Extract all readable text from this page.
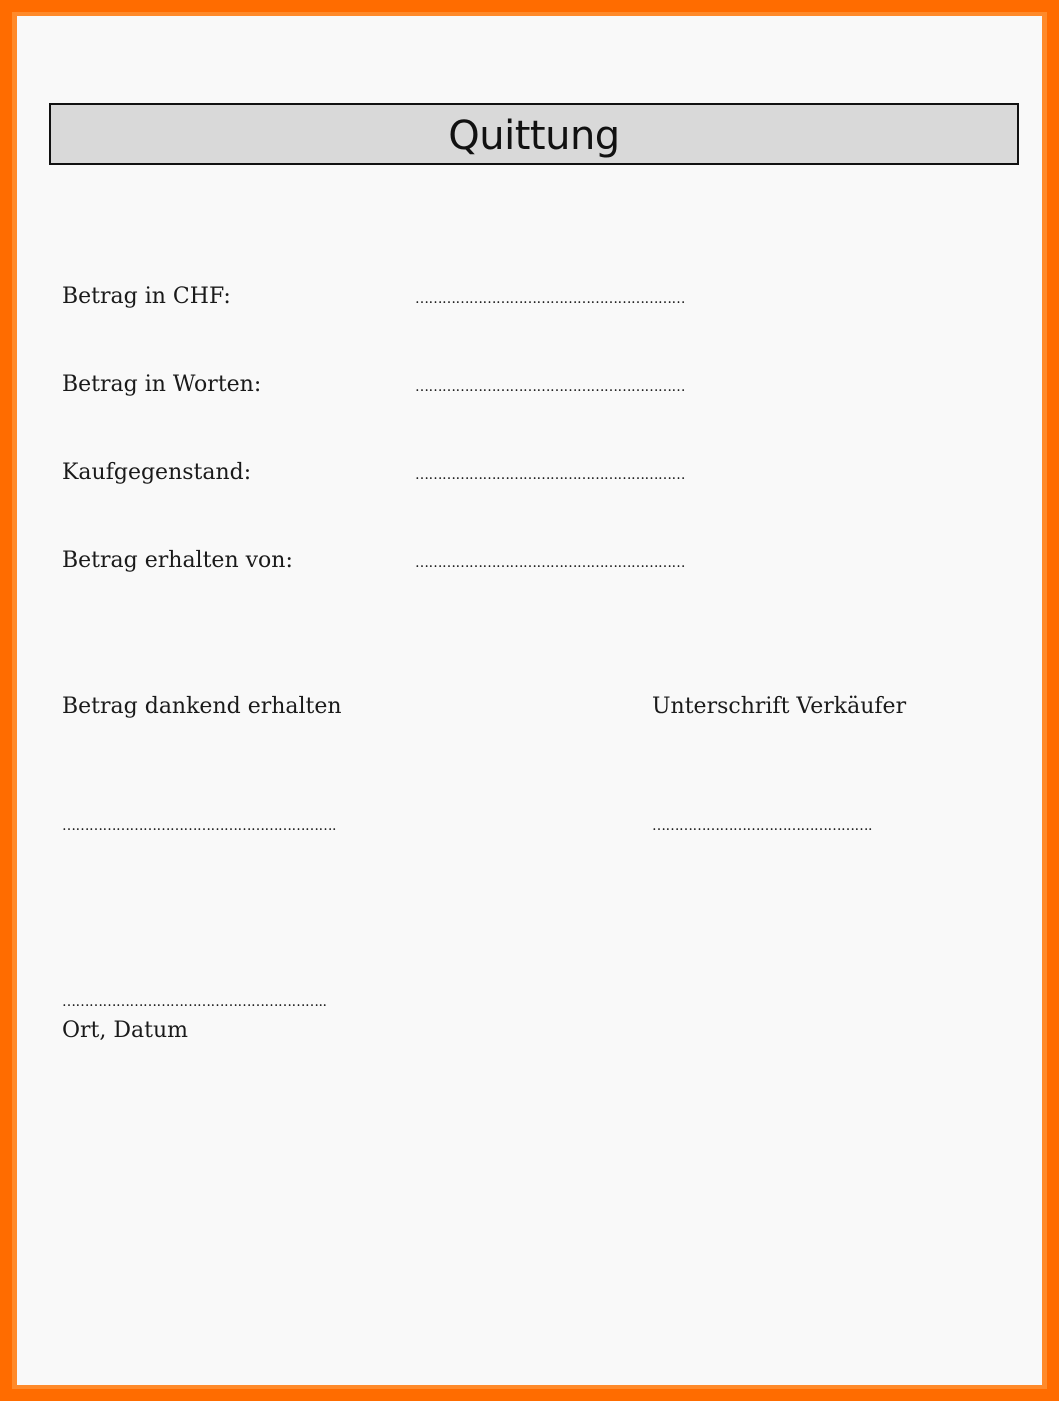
Quittung
Betrag in CHF:	……………………………………………………
Betrag in Worten:	……………………………………………………
Kaufgegenstand:	……………………………………………………
Betrag erhalten von:	……………………………………………………
Betrag dankend erhalten	Unterschrift Verkäufer
…………………………………………………….	………………………………………….
…………………………………………………..
Ort, Datum
